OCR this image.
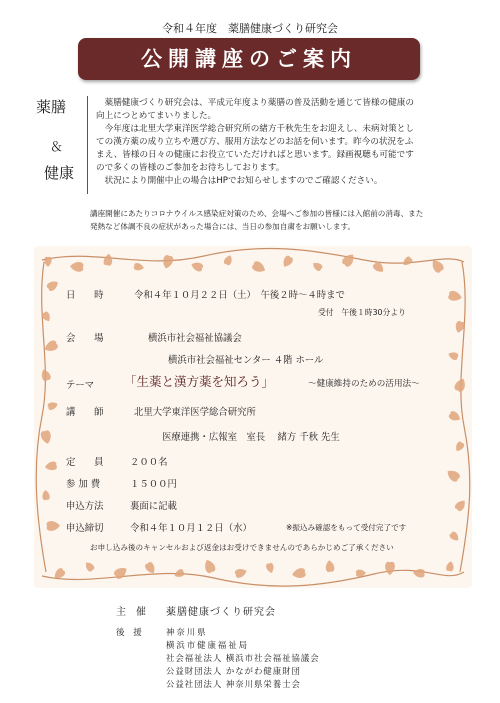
令和４年度　薬膳健康づくり研究会
公開講座のご案内
薬膳
＆
健康
　薬膳健康づくり研究会は、平成元年度より薬膳の普及活動を通じて皆様の健康の
向上につとめてまいりました。
　今年度は北里大学東洋医学総合研究所の緒方千秋先生をお迎えし、未病対策とし
ての漢方薬の成り立ちや選び方、服用方法などのお話を伺います。昨今の状況をふ
まえ、皆様の日々の健康にお役立ていただければと思います。録画視聴も可能です
ので多くの皆様のご参加をお待ちしております。
　状況により開催中止の場合はHPでお知らせしますのでご確認ください。
講座開催にあたりコロナウイルス感染症対策のため、会場へご参加の皆様には入館前の消毒、また
発熱など体調不良の症状があった場合には、当日の参加自粛をお願いします。
日　　時	令和４年１０月２２日（土）　午後２時～４時まで
受付　午後１時30分より
会　　場	横浜市社会福祉協議会
横浜市社会福祉センター ４階 ホール
テーマ 「生薬と漢方薬を知ろう」	～健康維持のための活用法～
講　　師	北里大学東洋医学総合研究所
医療連携・広報室　室長　 緒方 千秋 先生
定　　員	２００名
参 加 費	１５００円
申込方法	裏面に記載
申込締切	令和４年１０月１２日（水）	※振込み確認をもって受付完了です
お申し込み後のキャンセルおよび返金はお受けできませんのであらかじめご了承ください
主　催 薬膳健康づくり研究会
後　援	神奈川県
横浜市健康福祉局
社会福祉法人 横浜市社会福祉協議会
公益財団法人 かながわ健康財団
公益社団法人 神奈川県栄養士会
